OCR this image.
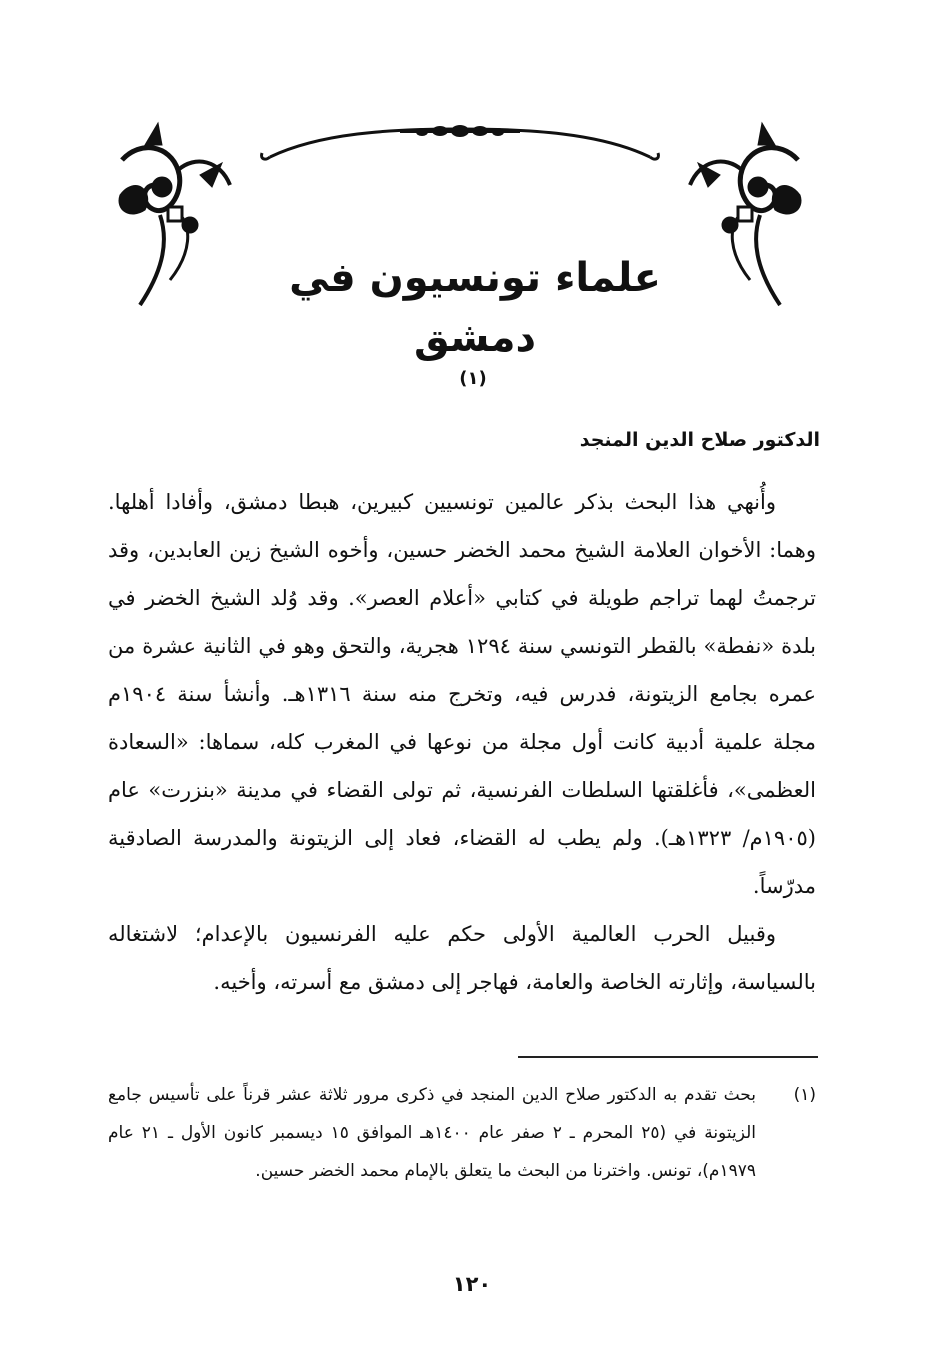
علماء تونسيون في دمشق(١)
الدكتور صلاح الدين المنجد

وأُنهي هذا البحث بذكر عالمين تونسيين كبيرين، هبطا دمشق، وأفادا أهلها. وهما: الأخوان العلامة الشيخ محمد الخضر حسين، وأخوه الشيخ زين العابدين، وقد ترجمتُ لهما تراجم طويلة في كتابي «أعلام العصر». وقد وُلد الشيخ الخضر في بلدة «نفطة» بالقطر التونسي سنة ١٢٩٤ هجرية، والتحق وهو في الثانية عشرة من عمره بجامع الزيتونة، فدرس فيه، وتخرج منه سنة ١٣١٦هـ. وأنشأ سنة ١٩٠٤م مجلة علمية أدبية كانت أول مجلة من نوعها في المغرب كله، سماها: «السعادة العظمى»، فأغلقتها السلطات الفرنسية، ثم تولى القضاء في مدينة «بنزرت» عام (١٩٠٥م/ ١٣٢٣هـ). ولم يطب له القضاء، فعاد إلى الزيتونة والمدرسة الصادقية مدرّساً.

وقبيل الحرب العالمية الأولى حكم عليه الفرنسيون بالإعدام؛ لاشتغاله بالسياسة، وإثارته الخاصة والعامة، فهاجر إلى دمشق مع أسرته، وأخيه.

(١)
بحث تقدم به الدكتور صلاح الدين المنجد في ذكرى مرور ثلاثة عشر قرناً على تأسيس جامع الزيتونة في (٢٥ المحرم ـ ٢ صفر عام ١٤٠٠هـ الموافق ١٥ ديسمبر كانون الأول ـ ٢١ عام ١٩٧٩م)، تونس. واخترنا من البحث ما يتعلق بالإمام محمد الخضر حسين.
١٢٠
